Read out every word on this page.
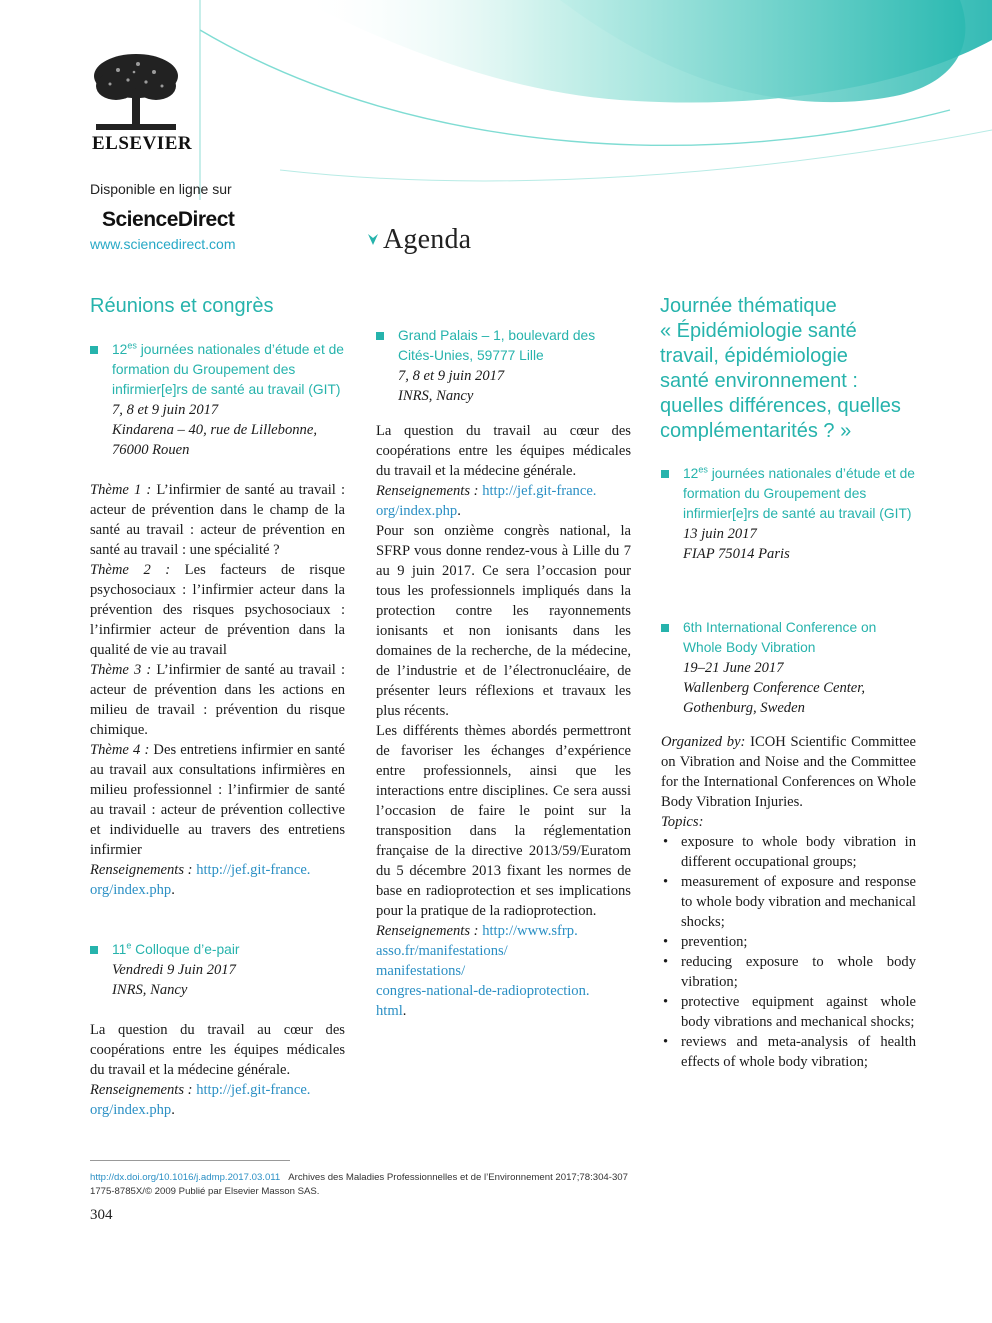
ELSEVIER
Disponible en ligne sur
ScienceDirect
www.sciencedirect.com	Agenda
Réunions et congrès
$12^{es}$ journées nationales d’étude et de formation du Groupement des infirmier[e]rs de santé au travail (GIT)

7, 8 et 9 juin 2017

Kindarena – 40, rue de Lillebonne,

76000 Rouen

Thème 1 : L’infirmier de santé au travail : acteur de prévention dans le champ de la santé au travail : acteur de prévention en santé au travail : une spécialité ?

Thème 2 : Les facteurs de risque psychosociaux : l’infirmier acteur dans la prévention des risques psychosociaux : l’infirmier acteur de prévention dans la qualité de vie au travail

Thème 3 : L’infirmier de santé au travail : acteur de prévention dans les actions en milieu de travail : prévention du risque chimique.

Thème 4 : Des entretiens infirmier en santé au travail aux consultations infirmières en milieu professionnel : l’infirmier de santé au travail : acteur de prévention collective et individuelle au travers des entretiens infirmier

Renseignements : http://jef.git-france.
org/index.php.

11e Colloque d’e-pair

Vendredi 9 Juin 2017

INRS, Nancy

La question du travail au cœur des coopérations entre les équipes médicales du travail et la médecine générale.

Renseignements : http://jef.git-france.
org/index.php.

Grand Palais – 1, boulevard des Cités-Unies, 59777 Lille

7, 8 et 9 juin 2017

INRS, Nancy

La question du travail au cœur des coopérations entre les équipes médicales du travail et la médecine générale.

Renseignements : http://jef.git-france.
org/index.php.

Pour son onzième congrès national, la SFRP vous donne rendez-vous à Lille du 7 au 9 juin 2017. Ce sera l’occasion pour tous les professionnels impliqués dans la protection contre les rayonnements ionisants et non ionisants dans les domaines de la recherche, de la médecine, de l’industrie et de l’électronucléaire, de présenter leurs réflexions et travaux les plus récents.

Les différents thèmes abordés permettront de favoriser les échanges d’expérience entre professionnels, ainsi que les interactions entre disciplines. Ce sera aussi l’occasion de faire le point sur la transposition dans la réglementation française de la directive 2013/59/Euratom du 5 décembre 2013 fixant les normes de base en radioprotection et ses implications pour la pratique de la radioprotection.

Renseignements : http://www.sfrp.
asso.fr/manifestations/
manifestations/
congres-national-de-radioprotection.
html.

Journée thématique
« Épidémiologie santé
travail, épidémiologie
santé environnement :
quelles différences, quelles
complémentarités ? »
$12^{es}$ journées nationales d’étude et de formation du Groupement des infirmier[e]rs de santé au travail (GIT)

13 juin 2017

FIAP 75014 Paris

6th International Conference on Whole Body Vibration

19–21 June 2017

Wallenberg Conference Center,

Gothenburg, Sweden

Organized by: ICOH Scientific Committee on Vibration and Noise and the Committee for the International Conferences on Whole Body Vibration Injuries.

Topics:

• exposure to whole body vibration in different occupational groups;
• measurement of exposure and response to whole body vibration and mechanical shocks;
• prevention;
• reducing exposure to whole body vibration;
• protective equipment against whole body vibrations and mechanical shocks;
• reviews and meta-analysis of health effects of whole body vibration;
http://dx.doi.org/10.1016/j.admp.2017.03.011 Archives des Maladies Professionnelles et de l’Environnement 2017;78:304-307
1775-8785X/© 2009 Publié par Elsevier Masson SAS.
304
